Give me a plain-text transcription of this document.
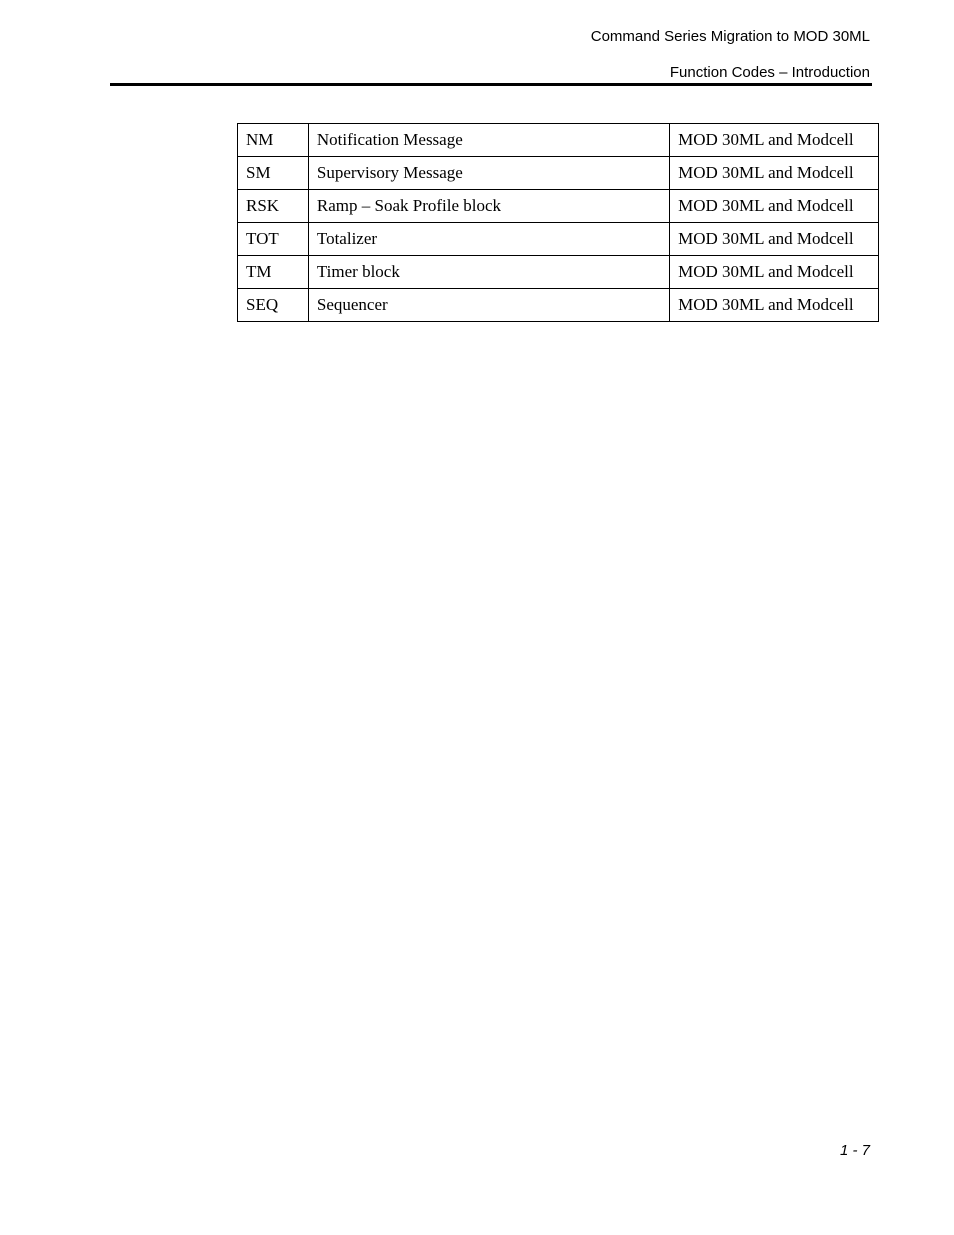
Command Series Migration to MOD 30ML
Function Codes – Introduction
NM	Notification Message	MOD 30ML and Modcell
SM	Supervisory Message	MOD 30ML and Modcell
RSK	Ramp – Soak Profile block	MOD 30ML and Modcell
TOT	Totalizer	MOD 30ML and Modcell
TM	Timer block	MOD 30ML and Modcell
SEQ	Sequencer	MOD 30ML and Modcell
1 - 7
